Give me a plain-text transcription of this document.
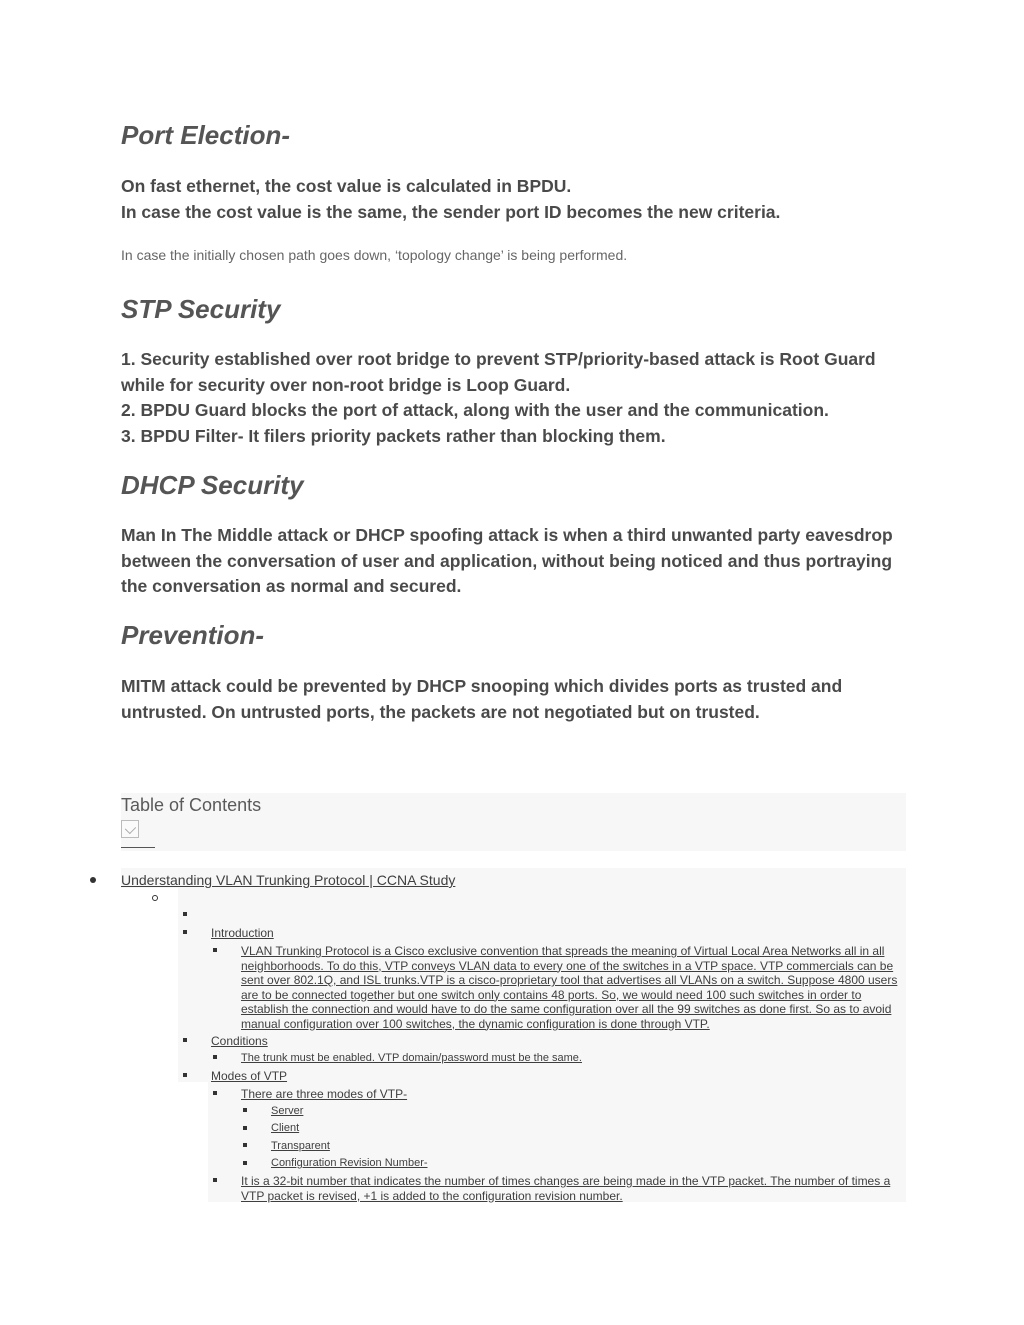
Port Election-

On fast ethernet, the cost value is calculated in BPDU.

In case the cost value is the same, the sender port ID becomes the new criteria.

In case the initially chosen path goes down, ‘topology change’ is being performed.

STP Security

1. Security established over root bridge to prevent STP/priority-based attack is Root Guard while for security over non-root bridge is Loop Guard.

2. BPDU Guard blocks the port of attack, along with the user and the communication.

3. BPDU Filter- It filers priority packets rather than blocking them.

DHCP Security

Man In The Middle attack or DHCP spoofing attack is when a third unwanted party eavesdrop between the conversation of user and application, without being noticed and thus portraying the conversation as normal and secured.

Prevention-

MITM attack could be prevented by DHCP snooping which divides ports as trusted and untrusted. On untrusted ports, the packets are not negotiated but on trusted.

Table of Contents

Understanding VLAN Trunking Protocol | CCNA Study
Introduction
VLAN Trunking Protocol is a Cisco exclusive convention that spreads the meaning of Virtual Local Area Networks all in all neighborhoods. To do this, VTP conveys VLAN data to every one of the switches in a VTP space. VTP commercials can be sent over 802.1Q, and ISL trunks.VTP is a cisco-proprietary tool that advertises all VLANs on a switch. Suppose 4800 users are to be connected together but one switch only contains 48 ports. So, we would need 100 such switches in order to establish the connection and would have to do the same configuration over all the 99 switches as done first. So as to avoid manual configuration over 100 switches, the dynamic configuration is done through VTP.
Conditions
The trunk must be enabled. VTP domain/password must be the same.
Modes of VTP
There are three modes of VTP-
Server
Client
Transparent
Configuration Revision Number-
It is a 32-bit number that indicates the number of times changes are being made in the VTP packet. The number of times a VTP packet is revised, +1 is added to the configuration revision number.
